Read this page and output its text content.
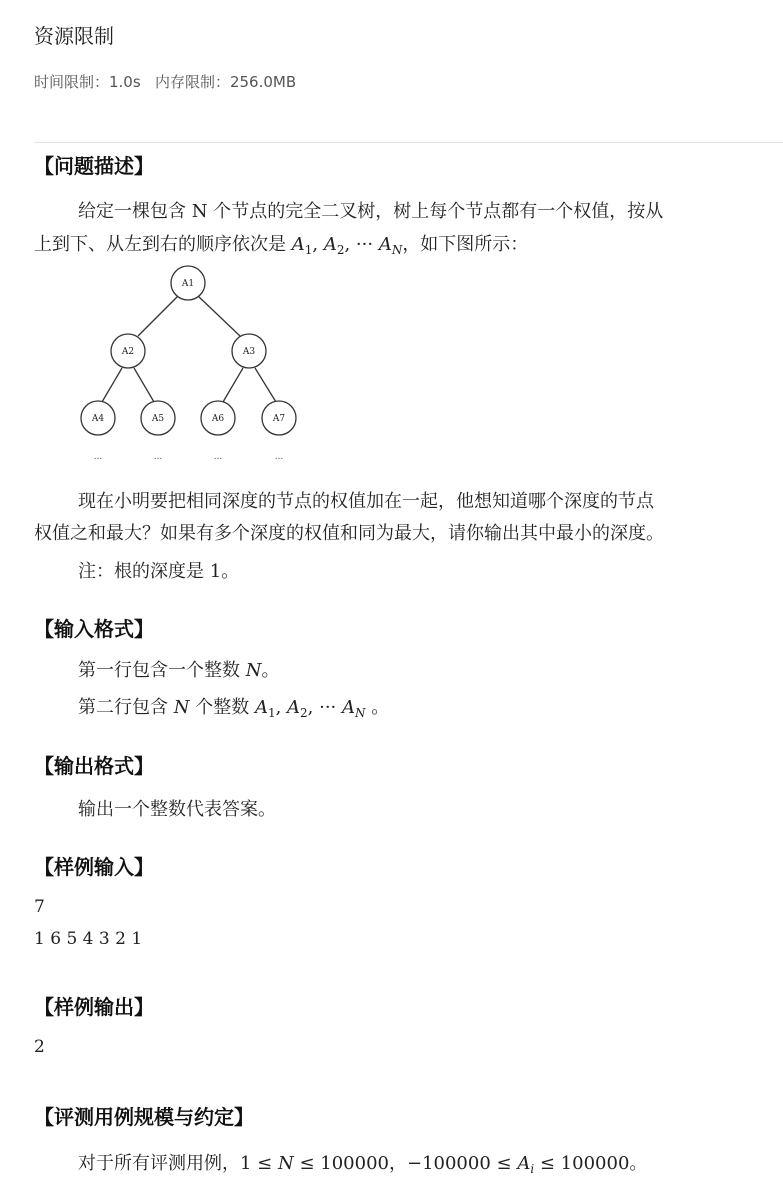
资源限制
时间限制：1.0s   内存限制：256.0MB
【问题描述】
给定一棵包含 N 个节点的完全二叉树，树上每个节点都有一个权值，按从
上到下、从左到右的顺序依次是 $A_1$, $A_2$, ··· $A_N$，如下图所示：
A1
A2	A3
A4	A5	A6	A7
...	...	...	...
现在小明要把相同深度的节点的权值加在一起，他想知道哪个深度的节点
权值之和最大？如果有多个深度的权值和同为最大，请你输出其中最小的深度。
注：根的深度是 1。
【输入格式】
第一行包含一个整数 N。
第二行包含 N 个整数 $A_1$, $A_2$, ··· $A_N$ 。
【输出格式】
输出一个整数代表答案。
【样例输入】
7
1 6 5 4 3 2 1
【样例输出】
2
【评测用例规模与约定】
对于所有评测用例，1 ≤ N ≤ 100000，$-100000 \le A_i \le 100000$。
